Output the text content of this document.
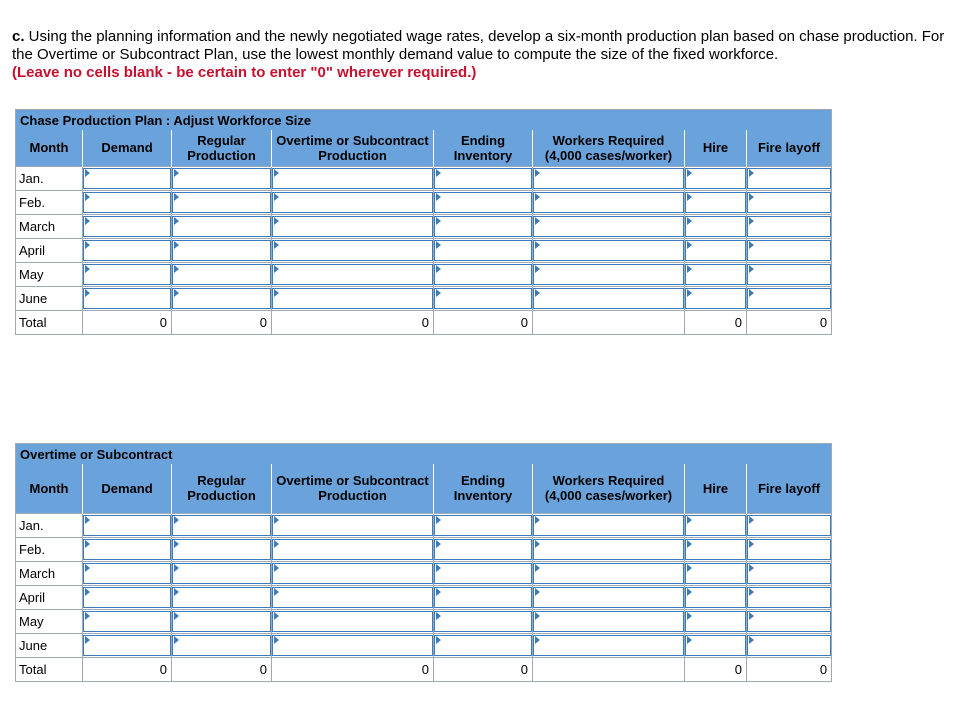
c. Using the planning information and the newly negotiated wage rates, develop a six-month production plan based on chase production. For the Overtime or Subcontract Plan, use the lowest monthly demand value to compute the size of the fixed workforce.
(Leave no cells blank - be certain to enter "0" wherever required.)
Chase Production Plan : Adjust Workforce Size							
Month	Demand	Regular Production	Overtime or Subcontract Production	Ending Inventory	Workers Required (4,000 cases/worker)	Hire	Fire layoff
Jan.	

Feb.	

March	

April	

May	

June	

Total	0	0	0	0		0	0
Overtime or Subcontract							
Month	Demand	Regular Production	Overtime or Subcontract Production	Ending Inventory	Workers Required (4,000 cases/worker)	Hire	Fire layoff
Jan.	

Feb.	

March	

April	

May	

June	

Total	0	0	0	0		0	0
